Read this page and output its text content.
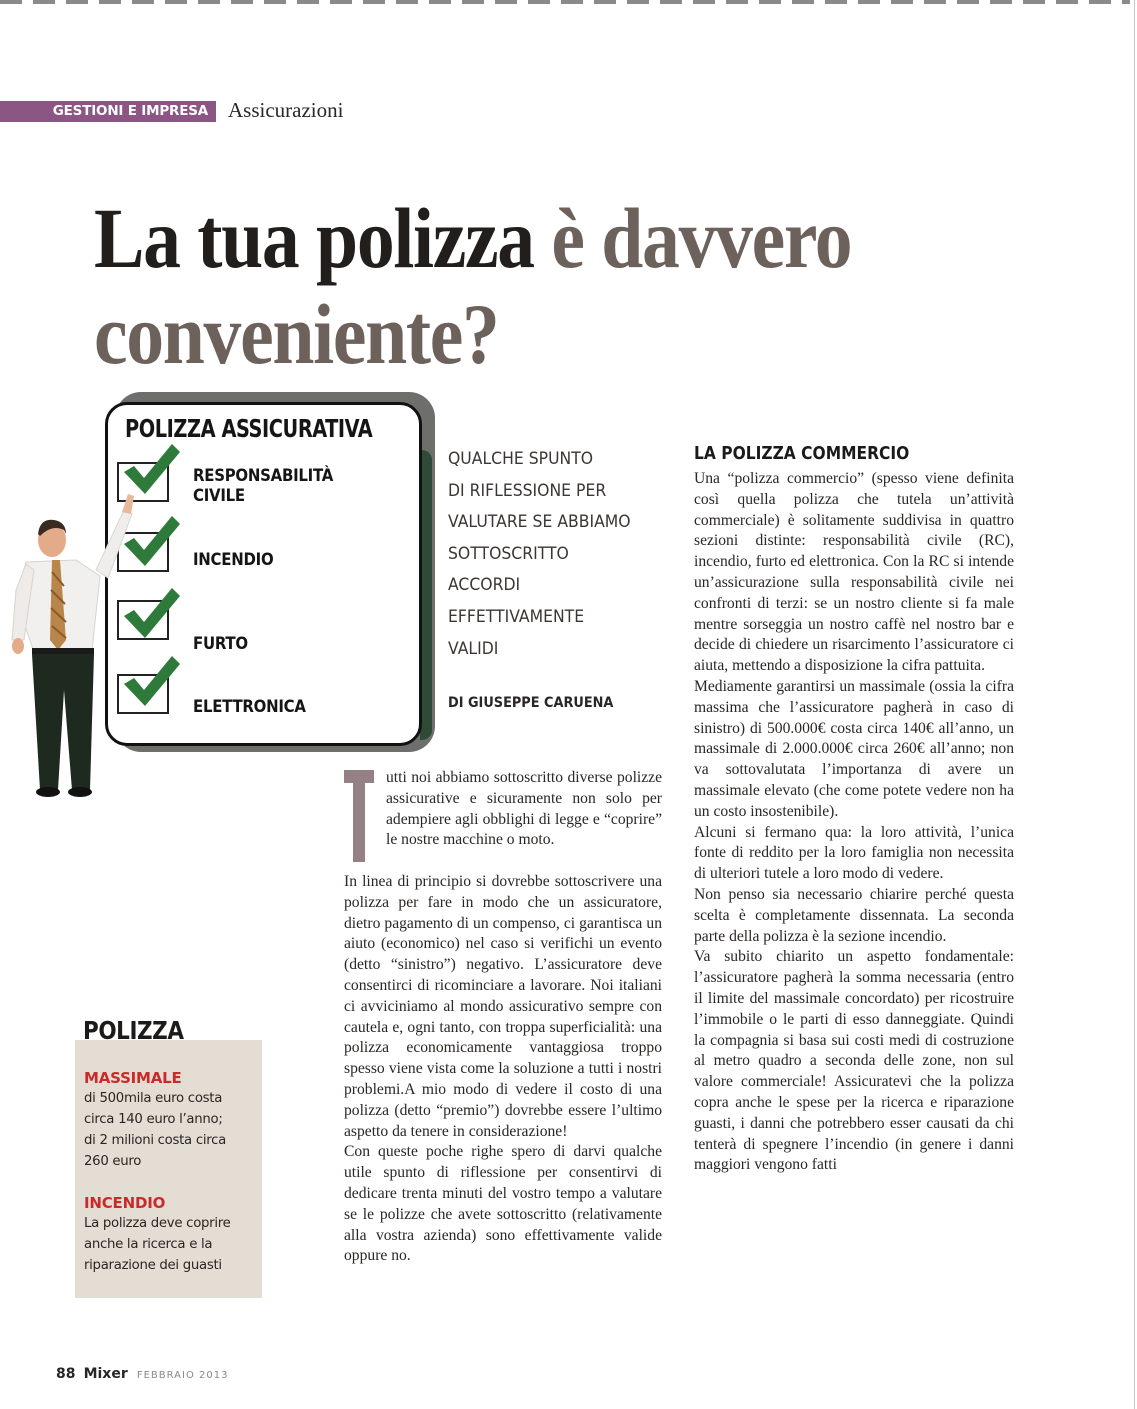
GESTIONI E IMPRESA Assicurazioni
La tua polizza è davvero conveniente?
POLIZZA ASSICURATIVA
RESPONSABILITÀ
CIVILE
INCENDIO
FURTO
ELETTRONICA
QUALCHE SPUNTO
DI RIFLESSIONE PER
VALUTARE SE ABBIAMO
SOTTOSCRITTO
ACCORDI
EFFETTIVAMENTE
VALIDI
DI GIUSEPPE CARUENA

utti noi abbiamo sottoscritto diverse polizze assicurative e sicuramente non solo per adempiere agli obblighi di legge e “coprire” le nostre macchine o moto.

In linea di principio si dovrebbe sottoscrivere una polizza per fare in modo che un assicuratore, dietro pagamento di un compenso, ci garantisca un aiuto (economico) nel caso si verifichi un evento (detto “sinistro”) negativo. L’assicuratore deve consentirci di ricominciare a lavorare. Noi italiani ci avviciniamo al mondo assicurativo sempre con cautela e, ogni tanto, con troppa superficialità: una polizza economicamente vantaggiosa troppo spesso viene vista come la soluzione a tutti i nostri problemi.A mio modo di vedere il costo di una polizza (detto “premio”) dovrebbe essere l’ultimo aspetto da tenere in considerazione!

Con queste poche righe spero di darvi qualche utile spunto di riflessione per consentirvi di dedicare trenta minuti del vostro tempo a valutare se le polizze che avete sottoscritto (relativamente alla vostra azienda) sono effettivamente valide oppure no.

LA POLIZZA COMMERCIO

Una “polizza commercio” (spesso viene definita così quella polizza che tutela un’attività commerciale) è solitamente suddivisa in quattro sezioni distinte: responsabilità civile (RC), incendio, furto ed elettronica. Con la RC si intende un’assicurazione sulla responsabilità civile nei confronti di terzi: se un nostro cliente si fa male mentre sorseggia un nostro caffè nel nostro bar e decide di chiedere un risarcimento l’assicuratore ci aiuta, mettendo a disposizione la cifra pattuita.

Mediamente garantirsi un massimale (ossia la cifra massima che l’assicuratore pagherà in caso di sinistro) di 500.000€ costa circa 140€ all’anno, un massimale di 2.000.000€ circa 260€ all’anno; non va sottovalutata l’importanza di avere un massimale elevato (che come potete vedere non ha un costo insostenibile).

Alcuni si fermano qua: la loro attività, l’unica fonte di reddito per la loro famiglia non necessita di ulteriori tutele a loro modo di vedere.

Non penso sia necessario chiarire perché questa scelta è completamente dissennata. La seconda parte della polizza è la sezione incendio.

Va subito chiarito un aspetto fondamentale: l’assicuratore pagherà la somma necessaria (entro il limite del massimale concordato) per ricostruire l’immobile o le parti di esso danneggiate. Quindi la compagnia si basa sui costi medi di costruzione al metro quadro a seconda delle zone, non sul valore commerciale! Assicuratevi che la polizza copra anche le spese per la ricerca e riparazione guasti, i danni che potrebbero esser causati da chi tenterà di spegnere l’incendio (in genere i danni maggiori vengono fatti

MASSIMALE
di 500mila euro costa
circa 140 euro l’anno;
di 2 milioni costa circa
260 euro
INCENDIO
La polizza deve coprire
anche la ricerca e la
riparazione dei guasti
POLIZZA
88 Mixer FEBBRAIO 2013
